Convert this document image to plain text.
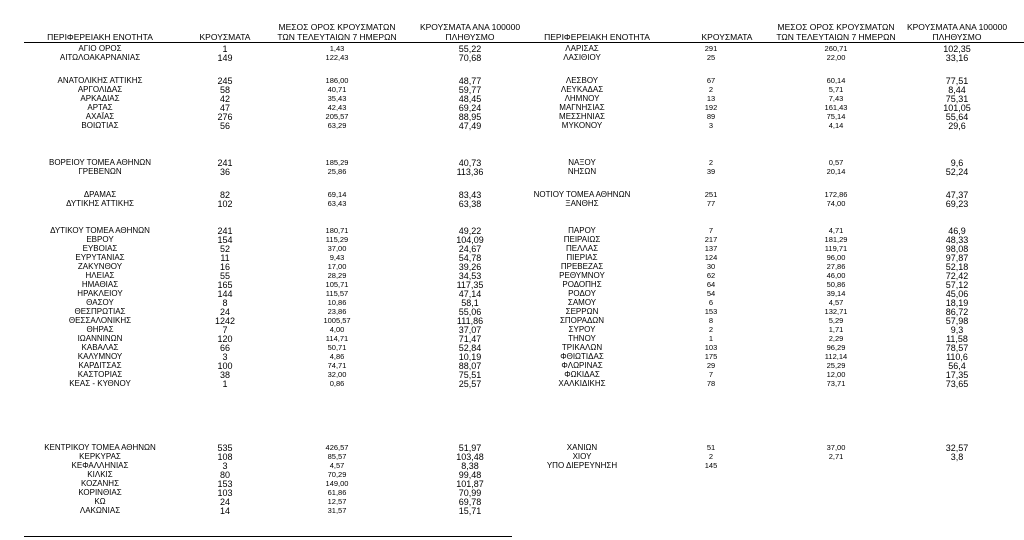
ΠΕΡΙΦΕΡΕΙΑΚΗ ΕΝΟΤΗΤΑ	ΚΡΟΥΣΜΑΤΑ
ΜΕΣΟΣ ΟΡΟΣ ΚΡΟΥΣΜΑΤΩΝ
ΤΩΝ ΤΕΛΕΥΤΑΙΩΝ 7 ΗΜΕΡΩΝ
ΚΡΟΥΣΜΑΤΑ ΑΝΑ 100000
ΠΛΗΘΥΣΜΟ
ΑΓΙΟ ΟΡΟΣ	1	1,43	55,22
ΑΙΤΩΛΟΑΚΑΡΝΑΝΙΑΣ	149	122,43	70,68
ΑΝΑΤΟΛΙΚΗΣ ΑΤΤΙΚΗΣ	245	186,00	48,77
ΑΡΓΟΛΙΔΑΣ	58	40,71	59,77
ΑΡΚΑΔΙΑΣ	42	35,43	48,45
ΑΡΤΑΣ	47	42,43	69,24
ΑΧΑΪΑΣ	276	205,57	88,95
ΒΟΙΩΤΙΑΣ	56	63,29	47,49
ΒΟΡΕΙΟΥ ΤΟΜΕΑ ΑΘΗΝΩΝ	241	185,29	40,73
ΓΡΕΒΕΝΩΝ	36	25,86	113,36
ΔΡΑΜΑΣ	82	69,14	83,43
ΔΥΤΙΚΗΣ ΑΤΤΙΚΗΣ	102	63,43	63,38
ΔΥΤΙΚΟΥ ΤΟΜΕΑ ΑΘΗΝΩΝ	241	180,71	49,22
ΕΒΡΟΥ	154	115,29	104,09
ΕΥΒΟΙΑΣ	52	37,00	24,67
ΕΥΡΥΤΑΝΙΑΣ	11	9,43	54,78
ΖΑΚΥΝΘΟΥ	16	17,00	39,26
ΗΛΕΙΑΣ	55	28,29	34,53
ΗΜΑΘΙΑΣ	165	105,71	117,35
ΗΡΑΚΛΕΙΟΥ	144	115,57	47,14
ΘΑΣΟΥ	8	10,86	58,1
ΘΕΣΠΡΩΤΙΑΣ	24	23,86	55,06
ΘΕΣΣΑΛΟΝΙΚΗΣ	1242	1005,57	111,86
ΘΗΡΑΣ	7	4,00	37,07
ΙΩΑΝΝΙΝΩΝ	120	114,71	71,47
ΚΑΒΑΛΑΣ	66	50,71	52,84
ΚΑΛΥΜΝΟΥ	3	4,86	10,19
ΚΑΡΔΙΤΣΑΣ	100	74,71	88,07
ΚΑΣΤΟΡΙΑΣ	38	32,00	75,51
ΚΕΑΣ - ΚΥΘΝΟΥ	1	0,86	25,57
ΚΕΝΤΡΙΚΟΥ ΤΟΜΕΑ ΑΘΗΝΩΝ	535	426,57	51,97
ΚΕΡΚΥΡΑΣ	108	85,57	103,48
ΚΕΦΑΛΛΗΝΙΑΣ	3	4,57	8,38
ΚΙΛΚΙΣ	80	70,29	99,48
ΚΟΖΑΝΗΣ	153	149,00	101,87
ΚΟΡΙΝΘΙΑΣ	103	61,86	70,99
ΚΩ	24	12,57	69,78
ΛΑΚΩΝΙΑΣ	14	31,57	15,71
ΠΕΡΙΦΕΡΕΙΑΚΗ ΕΝΟΤΗΤΑ	ΚΡΟΥΣΜΑΤΑ
ΜΕΣΟΣ ΟΡΟΣ ΚΡΟΥΣΜΑΤΩΝ
ΤΩΝ ΤΕΛΕΥΤΑΙΩΝ 7 ΗΜΕΡΩΝ
ΚΡΟΥΣΜΑΤΑ ΑΝΑ 100000
ΠΛΗΘΥΣΜΟ
ΛΑΡΙΣΑΣ	291	260,71	102,35
ΛΑΣΙΘΙΟΥ	25	22,00	33,16
ΛΕΣΒΟΥ	67	60,14	77,51
ΛΕΥΚΑΔΑΣ	2	5,71	8,44
ΛΗΜΝΟΥ	13	7,43	75,31
ΜΑΓΝΗΣΙΑΣ	192	161,43	101,05
ΜΕΣΣΗΝΙΑΣ	89	75,14	55,64
ΜΥΚΟΝΟΥ	3	4,14	29,6
ΝΑΞΟΥ	2	0,57	9,6
ΝΗΣΩΝ	39	20,14	52,24
ΝΟΤΙΟΥ ΤΟΜΕΑ ΑΘΗΝΩΝ	251	172,86	47,37
ΞΑΝΘΗΣ	77	74,00	69,23
ΠΑΡΟΥ	7	4,71	46,9
ΠΕΙΡΑΙΩΣ	217	181,29	48,33
ΠΕΛΛΑΣ	137	119,71	98,08
ΠΙΕΡΙΑΣ	124	96,00	97,87
ΠΡΕΒΕΖΑΣ	30	27,86	52,18
ΡΕΘΥΜΝΟΥ	62	46,00	72,42
ΡΟΔΟΠΗΣ	64	50,86	57,12
ΡΟΔΟΥ	54	39,14	45,06
ΣΑΜΟΥ	6	4,57	18,19
ΣΕΡΡΩΝ	153	132,71	86,72
ΣΠΟΡΑΔΩΝ	8	5,29	57,98
ΣΥΡΟΥ	2	1,71	9,3
ΤΗΝΟΥ	1	2,29	11,58
ΤΡΙΚΑΛΩΝ	103	96,29	78,57
ΦΘΙΩΤΙΔΑΣ	175	112,14	110,6
ΦΛΩΡΙΝΑΣ	29	25,29	56,4
ΦΩΚΙΔΑΣ	7	12,00	17,35
ΧΑΛΚΙΔΙΚΗΣ	78	73,71	73,65
ΧΑΝΙΩΝ	51	37,00	32,57
ΧΙΟΥ	2	2,71	3,8
ΥΠΟ ΔΙΕΡΕΥΝΗΣΗ	145
